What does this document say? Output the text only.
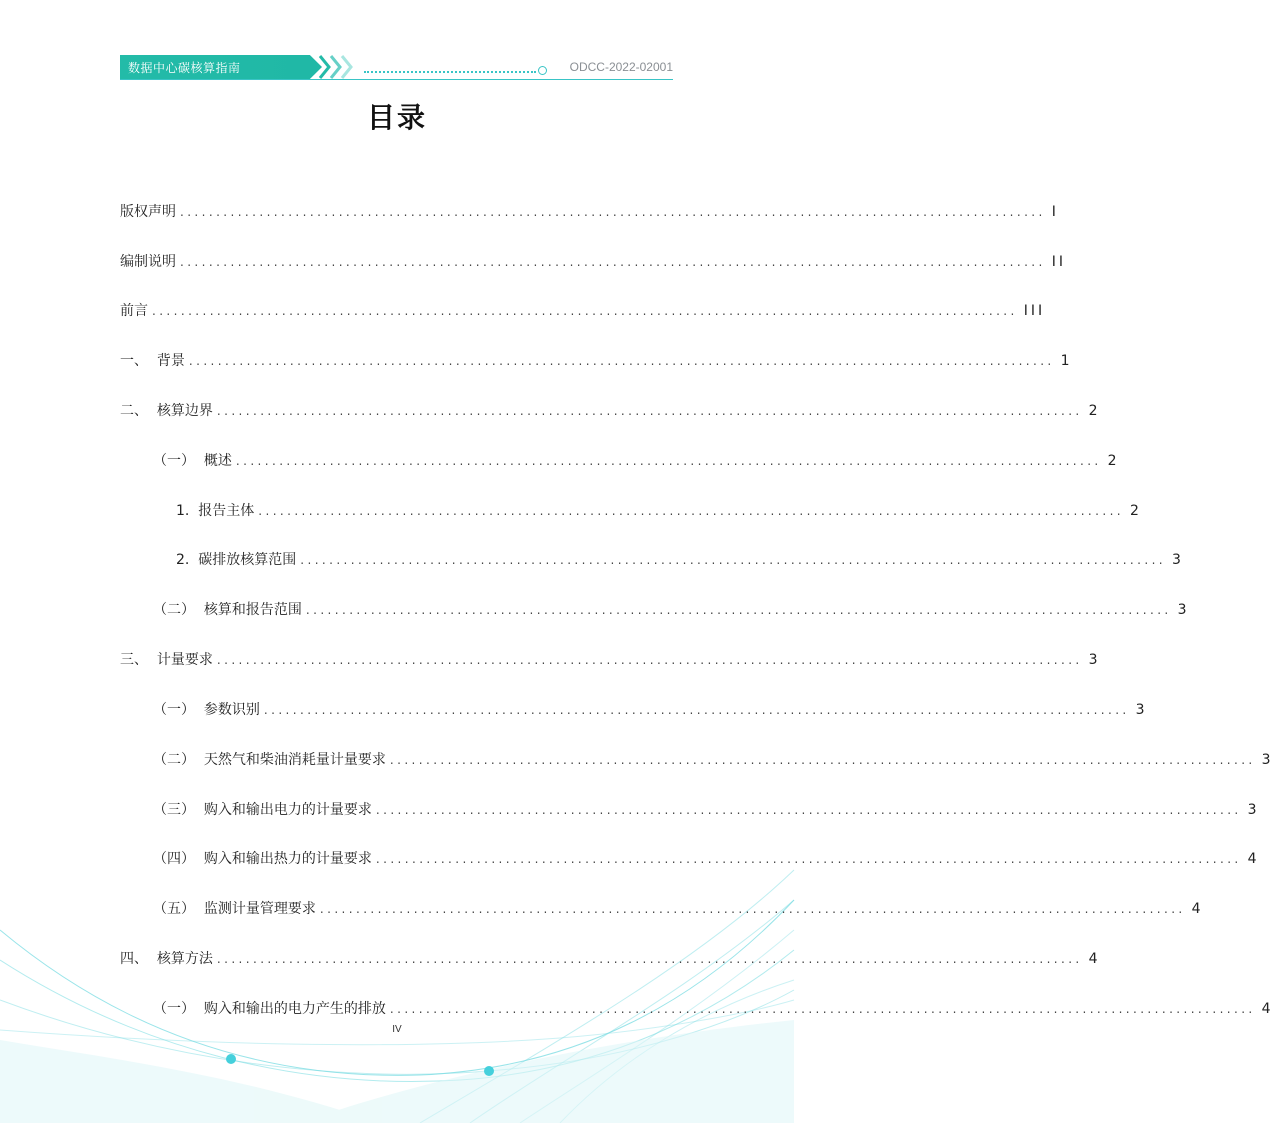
数据中心碳核算指南	ODCC-2022-02001
目录
版权声明 ........................................................................................................................ I
编制说明 ........................................................................................................................ II
前言 ........................................................................................................................ III
一、 背景 ........................................................................................................................ 1
二、 核算边界 ........................................................................................................................ 2
（一） 概述 ........................................................................................................................ 2
1. 报告主体 ........................................................................................................................ 2
2. 碳排放核算范围 ........................................................................................................................ 3
（二） 核算和报告范围 ........................................................................................................................ 3
三、 计量要求 ........................................................................................................................ 3
（一） 参数识别 ........................................................................................................................ 3
（二） 天然气和柴油消耗量计量要求 ........................................................................................................................ 3
（三） 购入和输出电力的计量要求 ........................................................................................................................ 3
（四） 购入和输出热力的计量要求 ........................................................................................................................ 4
（五） 监测计量管理要求 ........................................................................................................................ 4
四、 核算方法 ........................................................................................................................ 4
（一） 购入和输出的电力产生的排放 ........................................................................................................................ 4
IV
